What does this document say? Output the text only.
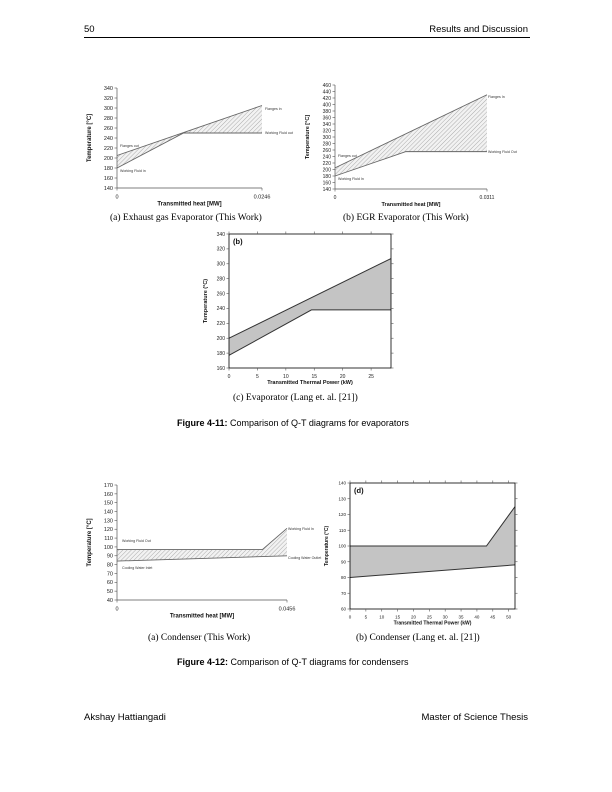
50	Results and Discussion
140
160
180
200
220
240
260
280
300
320
340
0	0.0246
Transmitted heat [MW]
Temperature [°C]
Flanges in
Working Fluid out
Flanges out
Working Fluid in
(a) Exhaust gas Evaporator (This Work)
140
160
180
200
220
240
260
280
300
320
340
360
380
400
420
440
460
0	0.0311
Transmitted heat [MW]
Temperature [°C]
Flanges In
Working Fluid Out
Flanges out
Working Fluid In
(b) EGR Evaporator (This Work)
160
180
200
220
240
260
280
300
320
340
0	5	10	15	20	25
Transmitted Thermal Power (kW)
Temperature (°C)
(b)
(c) Evaporator (Lang et. al. [21])
Figure 4-11: Comparison of Q-T diagrams for evaporators
40
50
60
70
80
90
100
110
120
130
140
150
160
170
0	0.0456
Transmitted heat [MW]
Temperature [°C]	Working Fluid In
Working Fluid Out
Cooling Water Outlet
Cooling Water Inlet
(a) Condenser (This Work)
60
70
80
90
100
110
120
130
140
0	5	10 15 20 25 30 35 40 45 50
Transmitted Thermal Power (kW)
Temperature (°C)
(d)
(b) Condenser (Lang et. al. [21])
Figure 4-12: Comparison of Q-T diagrams for condensers
Akshay Hattiangadi	Master of Science Thesis
